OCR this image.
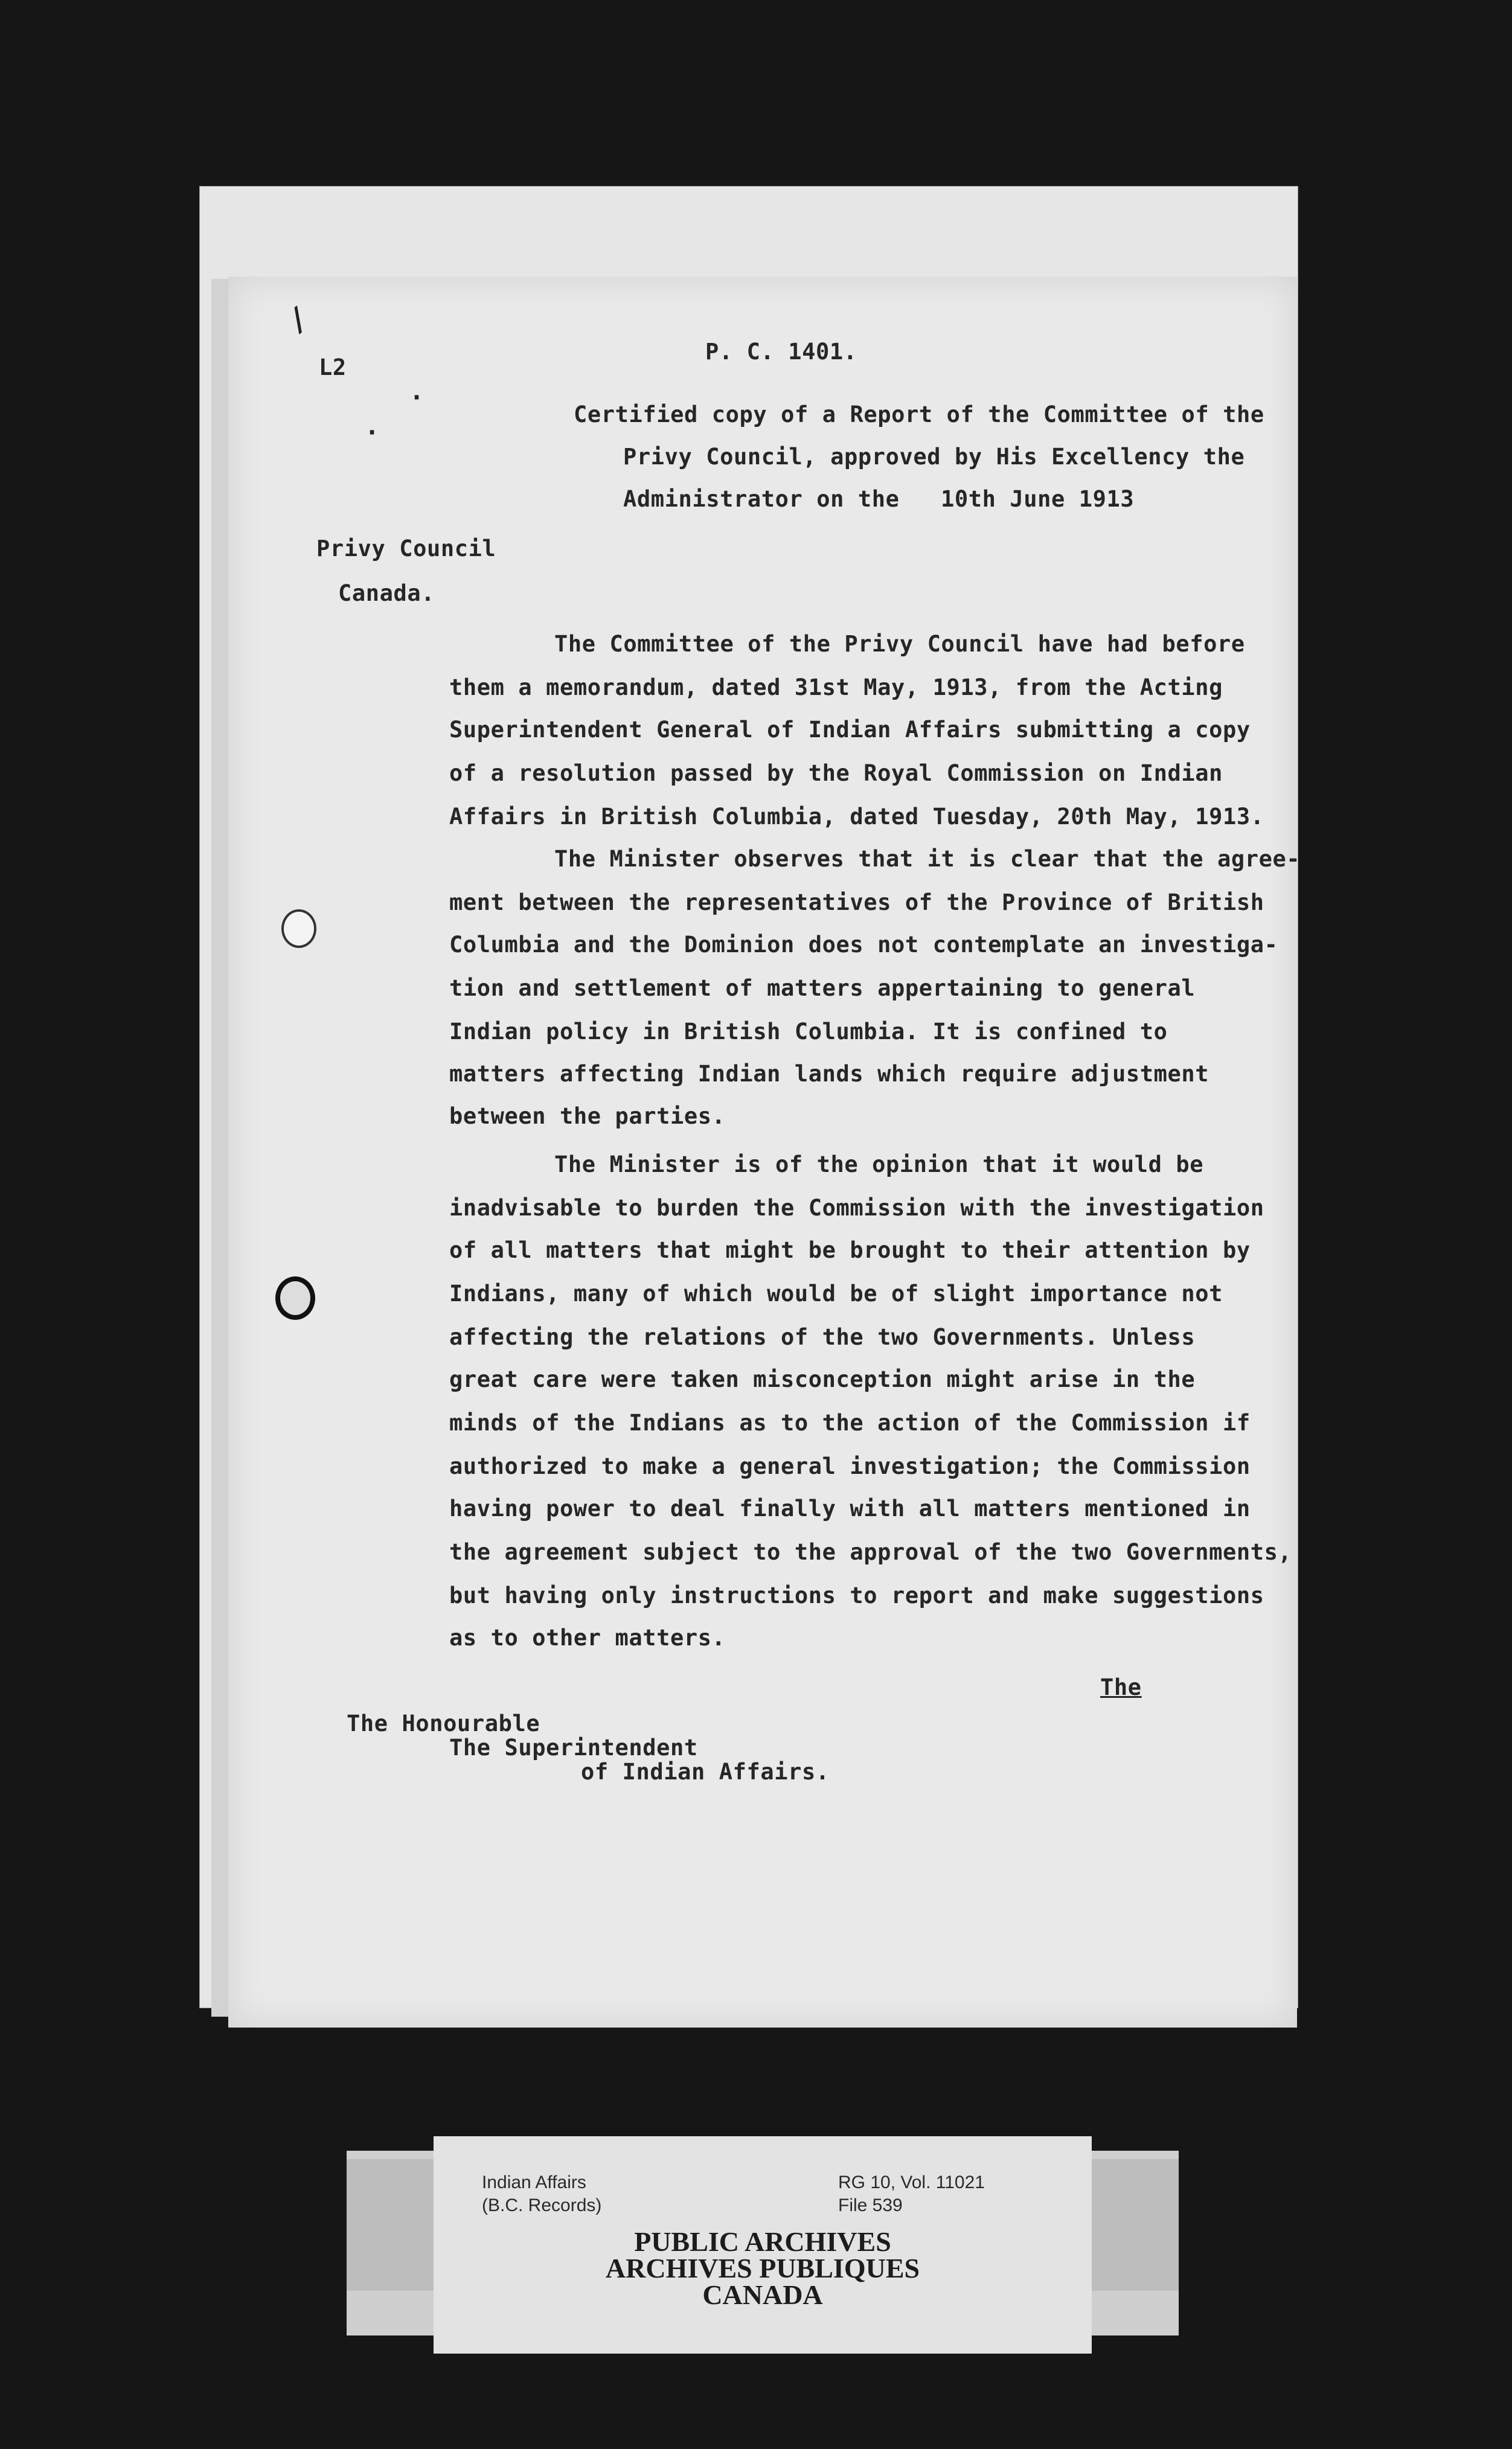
/
·
·
L2
P. C. 1401.
Certified copy of a Report of the Committee of the
Privy Council, approved by His Excellency the
Administrator on the 10th June 1913
Privy Council
Canada.
The Committee of the Privy Council have had before
them a memorandum, dated 31st May, 1913, from the Acting
Superintendent General of Indian Affairs submitting a copy
of a resolution passed by the Royal Commission on Indian
Affairs in British Columbia, dated Tuesday, 20th May, 1913.
The Minister observes that it is clear that the agree-
ment between the representatives of the Province of British
Columbia and the Dominion does not contemplate an investiga-
tion and settlement of matters appertaining to general
Indian policy in British Columbia. It is confined to
matters affecting Indian lands which require adjustment
between the parties.
The Minister is of the opinion that it would be
inadvisable to burden the Commission with the investigation
of all matters that might be brought to their attention by
Indians, many of which would be of slight importance not
affecting the relations of the two Governments. Unless
great care were taken misconception might arise in the
minds of the Indians as to the action of the Commission if
authorized to make a general investigation; the Commission
having power to deal finally with all matters mentioned in
the agreement subject to the approval of the two Governments,
but having only instructions to report and make suggestions
as to other matters.
The
The Honourable
The Superintendent
of Indian Affairs.
Indian Affairs
(B.C. Records)
RG 10, Vol. 11021
File 539
PUBLIC ARCHIVES
ARCHIVES PUBLIQUES
CANADA
